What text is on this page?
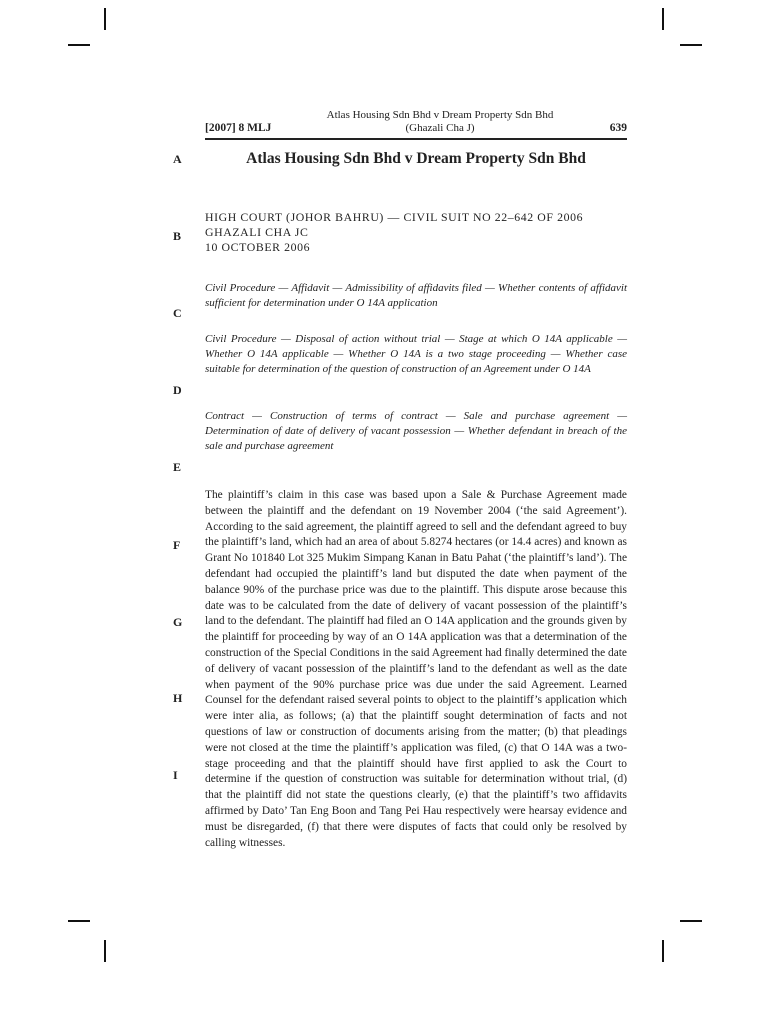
[2007] 8 MLJ
Atlas Housing Sdn Bhd v Dream Property Sdn Bhd
(Ghazali Cha J)	639
Atlas Housing Sdn Bhd v Dream Property Sdn Bhd
A
B
C
D
E
F
G
H
I
HIGH COURT (JOHOR BAHRU) — CIVIL SUIT NO 22–642 OF 2006
GHAZALI CHA JC
10 OCTOBER 2006
Civil Procedure — Affidavit — Admissibility of affidavits filed — Whether contents of affidavit sufficient for determination under O 14A application
Civil Procedure — Disposal of action without trial — Stage at which O 14A applicable — Whether O 14A applicable — Whether O 14A is a two stage proceeding — Whether case suitable for determination of the question of construction of an Agreement under O 14A
Contract — Construction of terms of contract — Sale and purchase agreement — Determination of date of delivery of vacant possession — Whether defendant in breach of the sale and purchase agreement

The plaintiff’s claim in this case was based upon a Sale & Purchase Agreement made between the plaintiff and the defendant on 19 November 2004 (‘the said Agreement’). According to the said agreement, the plaintiff agreed to sell and the defendant agreed to buy the plaintiff’s land, which had an area of about 5.8274 hectares (or 14.4 acres) and known as Grant No 101840 Lot 325 Mukim Simpang Kanan in Batu Pahat (‘the plaintiff’s land’). The defendant had occupied the plaintiff’s land but disputed the date when payment of the balance 90% of the purchase price was due to the plaintiff. This dispute arose because this date was to be calculated from the date of delivery of vacant possession of the plaintiff’s land to the defendant. The plaintiff had filed an O 14A application and the grounds given by the plaintiff for proceeding by way of an O 14A application was that a determination of the construction of the Special Conditions in the said Agreement had finally determined the date of delivery of vacant possession of the plaintiff’s land to the defendant as well as the date when payment of the 90% purchase price was due under the said Agreement. Learned Counsel for the defendant raised several points to object to the plaintiff’s application which were inter alia, as follows; (a) that the plaintiff sought determination of facts and not questions of law or construction of documents arising from the matter; (b) that pleadings were not closed at the time the plaintiff’s application was filed, (c) that O 14A was a two-stage proceeding and that the plaintiff should have first applied to ask the Court to determine if the question of construction was suitable for determination without trial, (d) that the plaintiff did not state the questions clearly, (e) that the plaintiff’s two affidavits affirmed by Dato’ Tan Eng Boon and Tang Pei Hau respectively were hearsay evidence and must be disregarded, (f) that there were disputes of facts that could only be resolved by calling witnesses.
